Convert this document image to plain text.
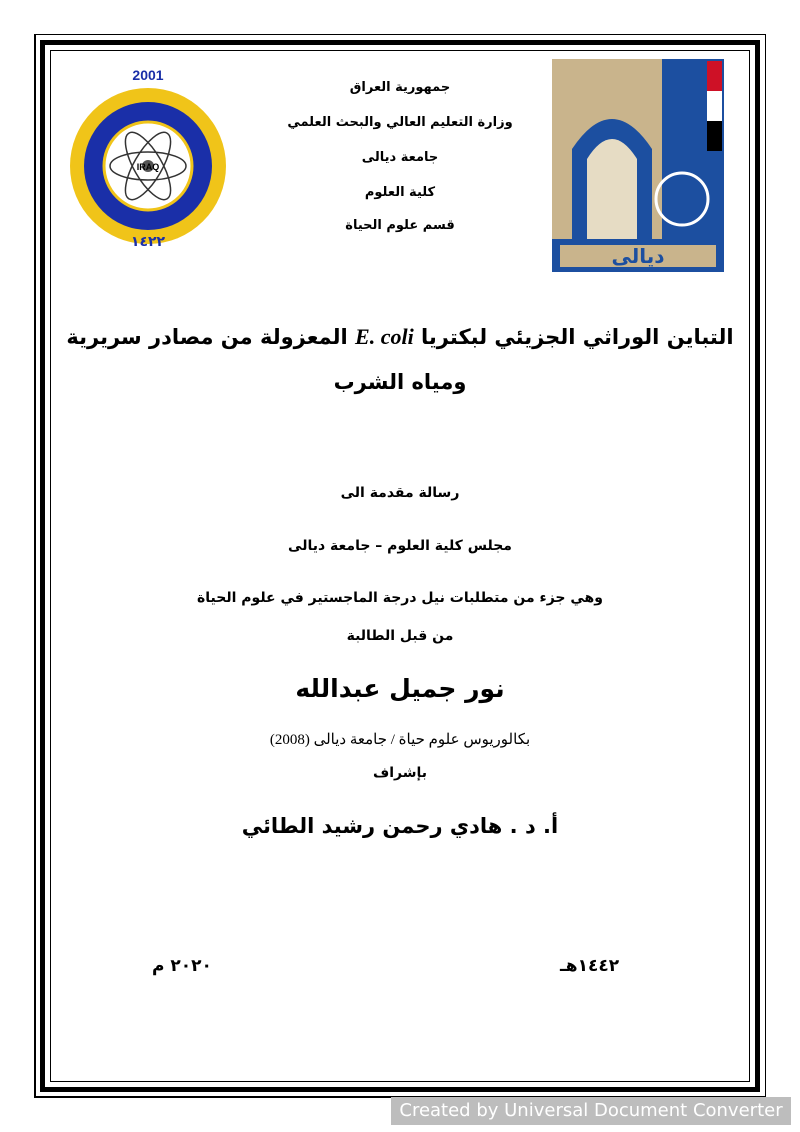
2001
IRAQ
١٤٢٢
ديالى
جمهورية العراق
وزارة التعليم العالي والبحث العلمي
جامعة ديالى
كلية العلوم
قسم علوم الحياة
التباين الوراثي الجزيئي لبكتريا E. coli المعزولة من مصادر سريرية
ومياه الشرب
رسالة مقدمة الى
مجلس كلية العلوم – جامعة ديالى
وهي جزء من متطلبات نيل درجة الماجستير في علوم الحياة
من قبل الطالبة
نور جميل عبدالله
بكالوريوس علوم حياة / جامعة ديالى (2008)
بإشراف
أ. د . هادي رحمن رشيد الطائي
١٤٤٢هـ
٢٠٢٠ م
Created by Universal Document Converter
